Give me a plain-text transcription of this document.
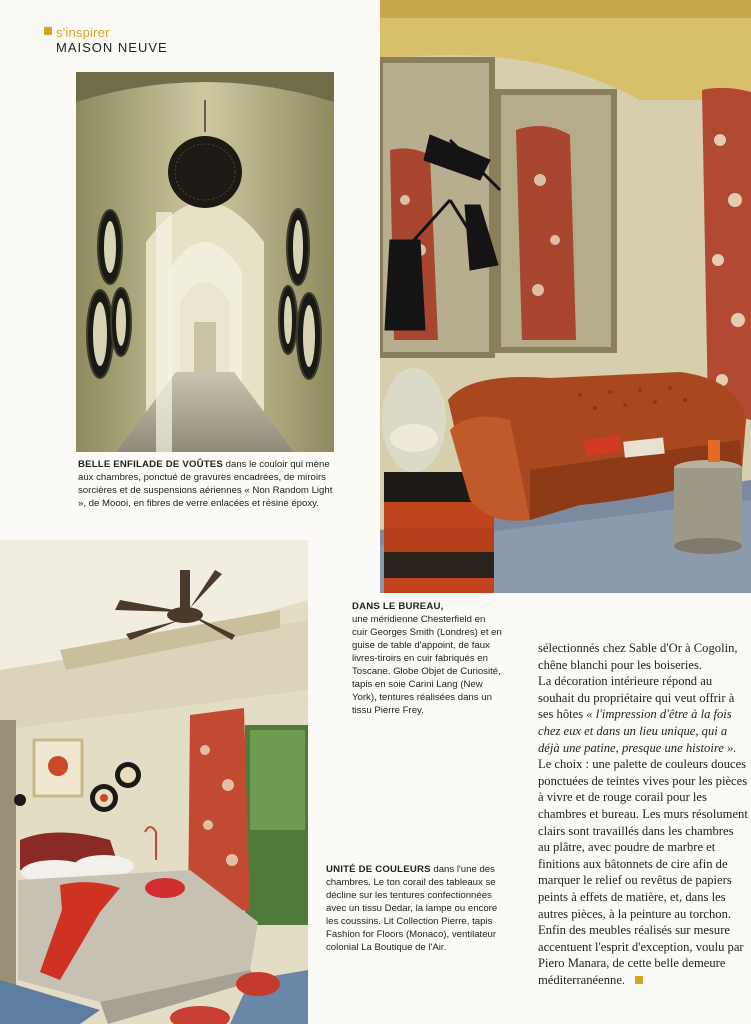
s'inspirer
MAISON NEUVE
BELLE ENFILADE DE VOÛTES dans le couloir qui mène aux chambres, ponctué de gravures encadrées, de miroirs sorcières et de suspensions aériennes « Non Random Light », de Moooi, en fibres de verre enlacées et résine époxy.
DANS LE BUREAU,
une méridienne Chesterfield en cuir Georges Smith (Londres) et en guise de table d'appoint, de faux livres-tiroirs en cuir fabriqués en Toscane. Globe Objet de Curiosité, tapis en soie Carini Lang (New York), tentures réalisées dans un tissu Pierre Frey.
UNITÉ DE COULEURS dans l'une des chambres. Le ton corail des tableaux se décline sur les tentures confectionnées avec un tissu Dedar, la lampe ou encore les coussins. Lit Collection Pierre, tapis Fashion for Floors (Monaco), ventilateur colonial La Boutique de l'Air.

sélectionnés chez Sable d'Or à Cogolin, chêne blanchi pour les boiseries.

La décoration intérieure répond au souhait du propriétaire qui veut offrir à ses hôtes « l'impression d'être à la fois chez eux et dans un lieu unique, qui a déjà une patine, presque une histoire ».

Le choix : une palette de couleurs douces ponctuées de teintes vives pour les pièces à vivre et de rouge corail pour les chambres et bureau. Les murs résolument clairs sont travaillés dans les chambres au plâtre, avec poudre de marbre et finitions aux bâtonnets de cire afin de marquer le relief ou revêtus de papiers peints à effets de matière, et, dans les autres pièces, à la peinture au torchon. Enfin des meubles réalisés sur mesure accentuent l'esprit d'exception, voulu par Piero Manara, de cette belle demeure méditerranéenne.
